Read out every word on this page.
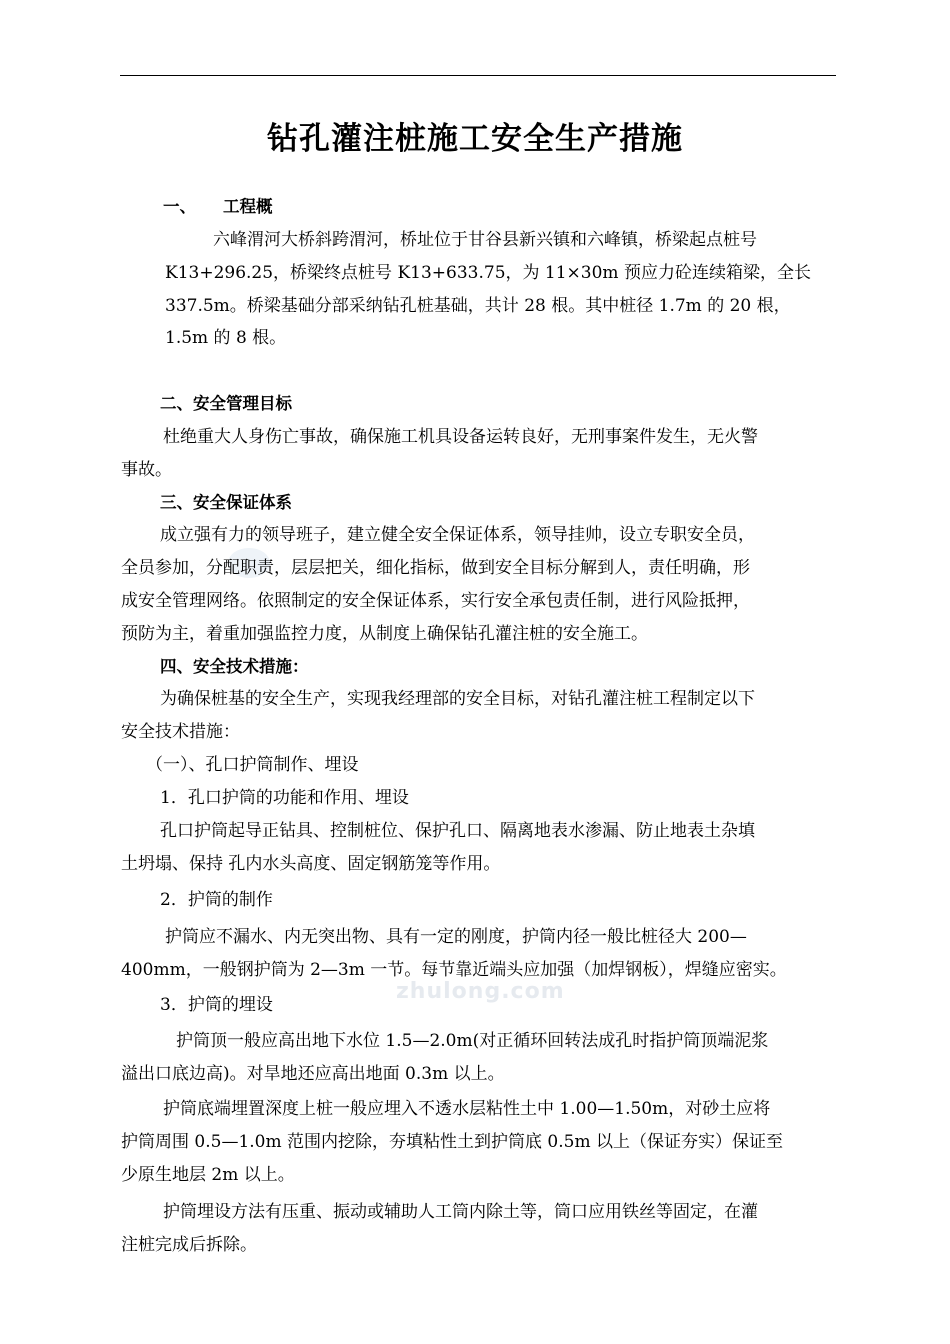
zhulong.com
钻孔灌注桩施工安全生产措施
一、 工程概
六峰渭河大桥斜跨渭河，桥址位于甘谷县新兴镇和六峰镇，桥梁起点桩号
K13+296.25，桥梁终点桩号 K13+633.75，为 11×30m 预应力砼连续箱梁，全长
337.5m。桥梁基础分部采纳钻孔桩基础，共计 28 根。其中桩径 1.7m 的 20 根，
1.5m 的 8 根。
二、安全管理目标
杜绝重大人身伤亡事故，确保施工机具设备运转良好，无刑事案件发生，无火警
事故。
三、安全保证体系
成立强有力的领导班子，建立健全安全保证体系，领导挂帅，设立专职安全员，
全员参加，分配职责，层层把关，细化指标，做到安全目标分解到人，责任明确，形
成安全管理网络。依照制定的安全保证体系，实行安全承包责任制，进行风险抵押，
预防为主，着重加强监控力度，从制度上确保钻孔灌注桩的安全施工。
四、安全技术措施：
为确保桩基的安全生产，实现我经理部的安全目标，对钻孔灌注桩工程制定以下
安全技术措施：
（一）、孔口护筒制作、埋设
1．孔口护筒的功能和作用、埋设
孔口护筒起导正钻具、控制桩位、保护孔口、隔离地表水渗漏、防止地表土杂填
土坍塌、保持 孔内水头高度、固定钢筋笼等作用。
2．护筒的制作
护筒应不漏水、内无突出物、具有一定的刚度，护筒内径一般比桩径大 200—
400mm，一般钢护筒为 2—3m 一节。每节靠近端头应加强（加焊钢板），焊缝应密实。
3．护筒的埋设
护筒顶一般应高出地下水位 1.5—2.0m(对正循环回转法成孔时指护筒顶端泥浆
溢出口底边高)。对旱地还应高出地面 0.3m 以上。
护筒底端埋置深度上桩一般应埋入不透水层粘性土中 1.00—1.50m，对砂土应将
护筒周围 0.5—1.0m 范围内挖除，夯填粘性土到护筒底 0.5m 以上（保证夯实）保证至
少原生地层 2m 以上。
护筒埋设方法有压重、振动或辅助人工筒内除土等，筒口应用铁丝等固定，在灌
注桩完成后拆除。
